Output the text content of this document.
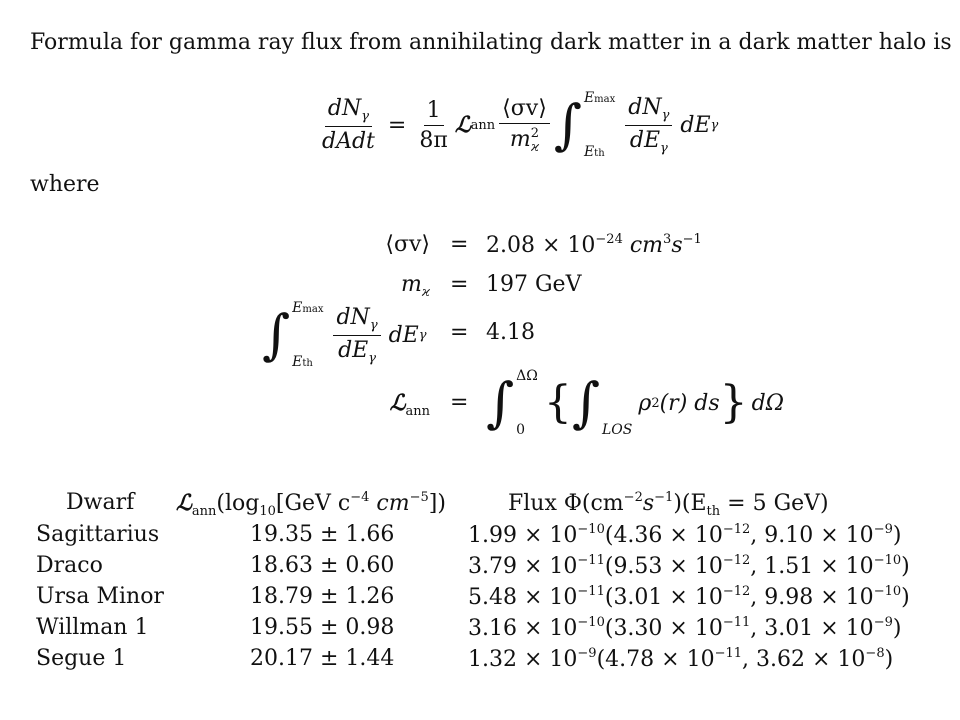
Formula for gamma ray flux from annihilating dark matter in a dark matter halo is
$\frac{dN_\gamma}{\text{dAdt}} = \frac{1}{8\pi}$ ℒ ann $\frac{⟨\sigma v⟩}{m^2_ϰ}$ ∫ Emax
Eth $\frac{dN_\gamma}{dE_\gamma}$ dE γ
where
⟨σv⟩ = $2.08 \times 10^{-24}$ $cm^3s^{-1}$
$m_ϰ = 197$ GeV
∫ Emax
Eth $\frac{dN_\gamma}{dE_\gamma}$ dE γ = 4.18
ℒ$_{ann}$ = ∫ ΔΩ
0
{ ∫ LOS
ρ 2 (r) ds } dΩ
Dwarf $ℒ_{ann}(\log_{10}[GeV$ $c^{-4}$ $cm^{-5}$])	Flux $\Phi(cm^{-2}s^{-1})(E_{th} = 5$ GeV)
Sagittarius	19.35 ± 1.66	$1.99 \times 10^{-10}(4.36 \times 10^{-12}$, $9.10 \times 10^{-9}$)
Draco	18.63 ± 0.60	$3.79 \times 10^{-11}(9.53 \times 10^{-12}$, $1.51 \times 10^{-10}$)
Ursa Minor	18.79 ± 1.26	$5.48 \times 10^{-11}(3.01 \times 10^{-12}$, $9.98 \times 10^{-10}$)
Willman 1	19.55 ± 0.98	$3.16 \times 10^{-10}(3.30 \times 10^{-11}$, $3.01 \times 10^{-9}$)
Segue 1	20.17 ± 1.44	$1.32 \times 10^{-9}(4.78 \times 10^{-11}$, $3.62 \times 10^{-8}$)
